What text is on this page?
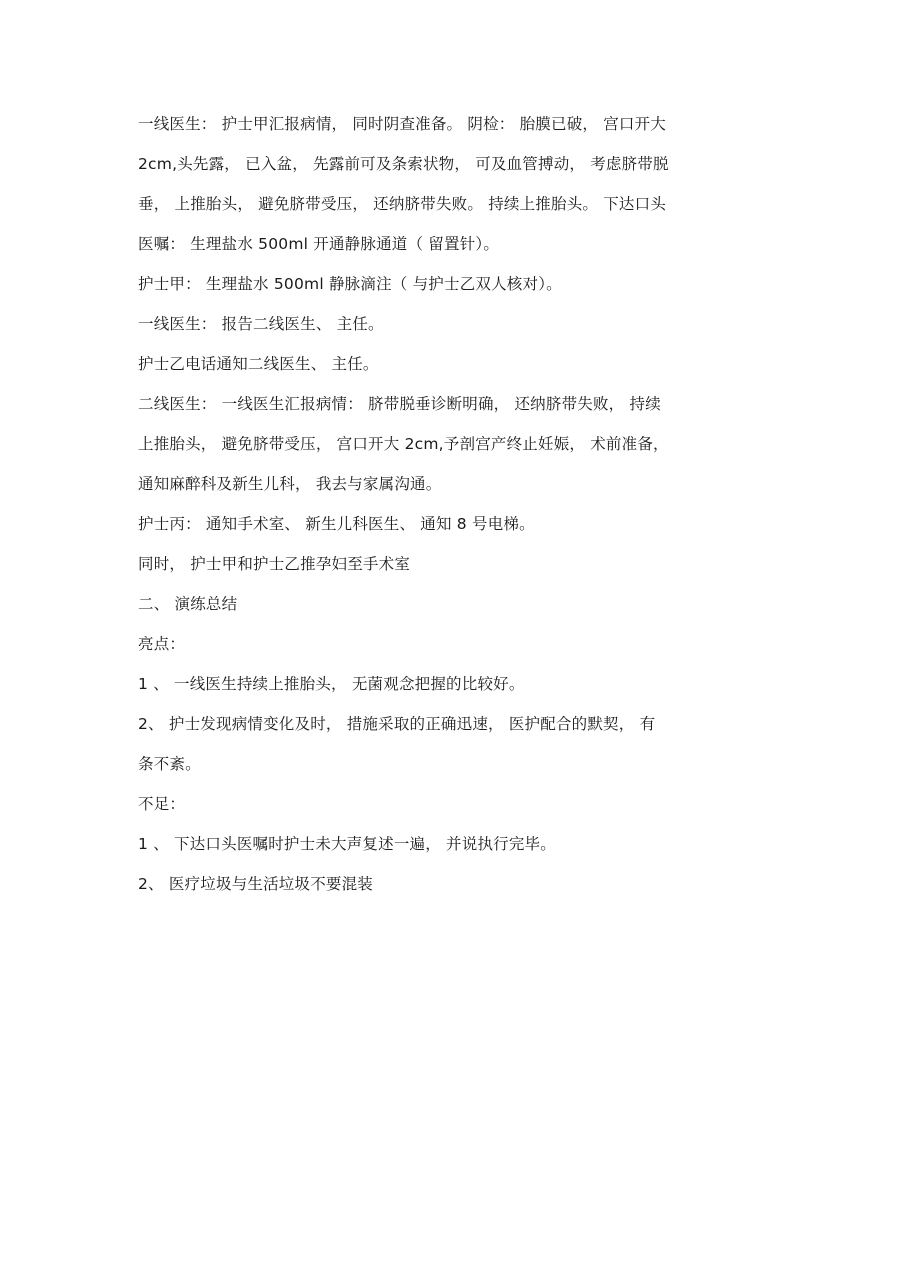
一线医生： 护士甲汇报病情， 同时阴查准备。 阴检： 胎膜已破， 宫口开大
2cm,头先露， 已入盆， 先露前可及条索状物， 可及血管搏动， 考虑脐带脱
垂， 上推胎头， 避免脐带受压， 还纳脐带失败。 持续上推胎头。 下达口头
医嘱： 生理盐水 500ml 开通静脉通道（ 留置针）。
护士甲： 生理盐水 500ml 静脉滴注（ 与护士乙双人核对）。
一线医生： 报告二线医生、 主任。
护士乙电话通知二线医生、 主任。
二线医生： 一线医生汇报病情： 脐带脱垂诊断明确， 还纳脐带失败， 持续
上推胎头， 避免脐带受压， 宫口开大 2cm,予剖宫产终止妊娠， 术前准备，
通知麻醉科及新生儿科， 我去与家属沟通。
护士丙： 通知手术室、 新生儿科医生、 通知 8 号电梯。
同时， 护士甲和护士乙推孕妇至手术室
二、 演练总结
亮点：
1 、 一线医生持续上推胎头， 无菌观念把握的比较好。
2、 护士发现病情变化及时， 措施采取的正确迅速， 医护配合的默契， 有
条不紊。
不足：
1 、 下达口头医嘱时护士未大声复述一遍， 并说执行完毕。
2、 医疗垃圾与生活垃圾不要混装
